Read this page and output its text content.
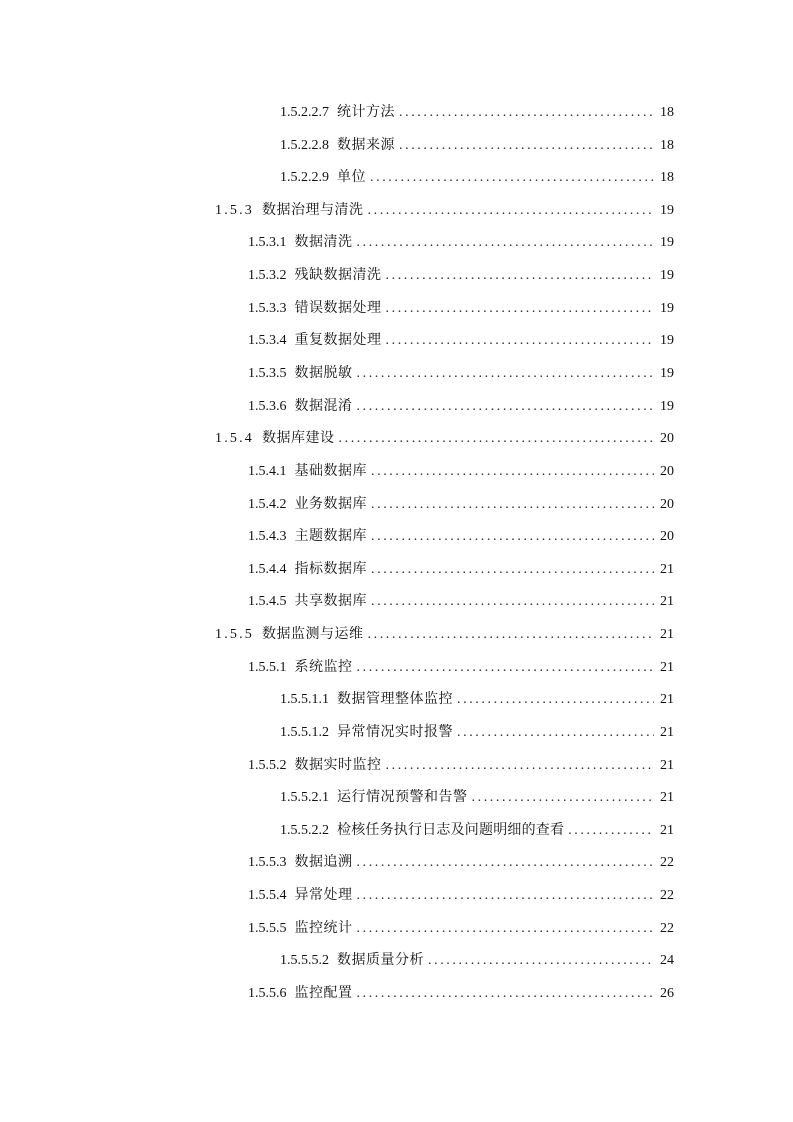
1.5.2.2.7 统计方法 .....	18
1.5.2.2.8 数据来源 .....	18
1.5.2.2.9 单位 .....	18
1.5.3 数据治理与清洗 .....	19
1.5.3.1 数据清洗 .....	19
1.5.3.2 残缺数据清洗 .....	19
1.5.3.3 错误数据处理 .....	19
1.5.3.4 重复数据处理 .....	19
1.5.3.5 数据脱敏 .....	19
1.5.3.6 数据混淆 .....	19
1.5.4 数据库建设 .....	20
1.5.4.1 基础数据库 .....	20
1.5.4.2 业务数据库 .....	20
1.5.4.3 主题数据库 .....	20
1.5.4.4 指标数据库 .....	21
1.5.4.5 共享数据库 .....	21
1.5.5 数据监测与运维 .....	21
1.5.5.1 系统监控 .....	21
1.5.5.1.1 数据管理整体监控 .....	21
1.5.5.1.2 异常情况实时报警 .....	21
1.5.5.2 数据实时监控 .....	21
1.5.5.2.1 运行情况预警和告警 .....	21
1.5.5.2.2 检核任务执行日志及问题明细的查看 .....	21
1.5.5.3 数据追溯 .....	22
1.5.5.4 异常处理 .....	22
1.5.5.5 监控统计 .....	22
1.5.5.5.2 数据质量分析 .....	24
1.5.5.6 监控配置 .....	26
